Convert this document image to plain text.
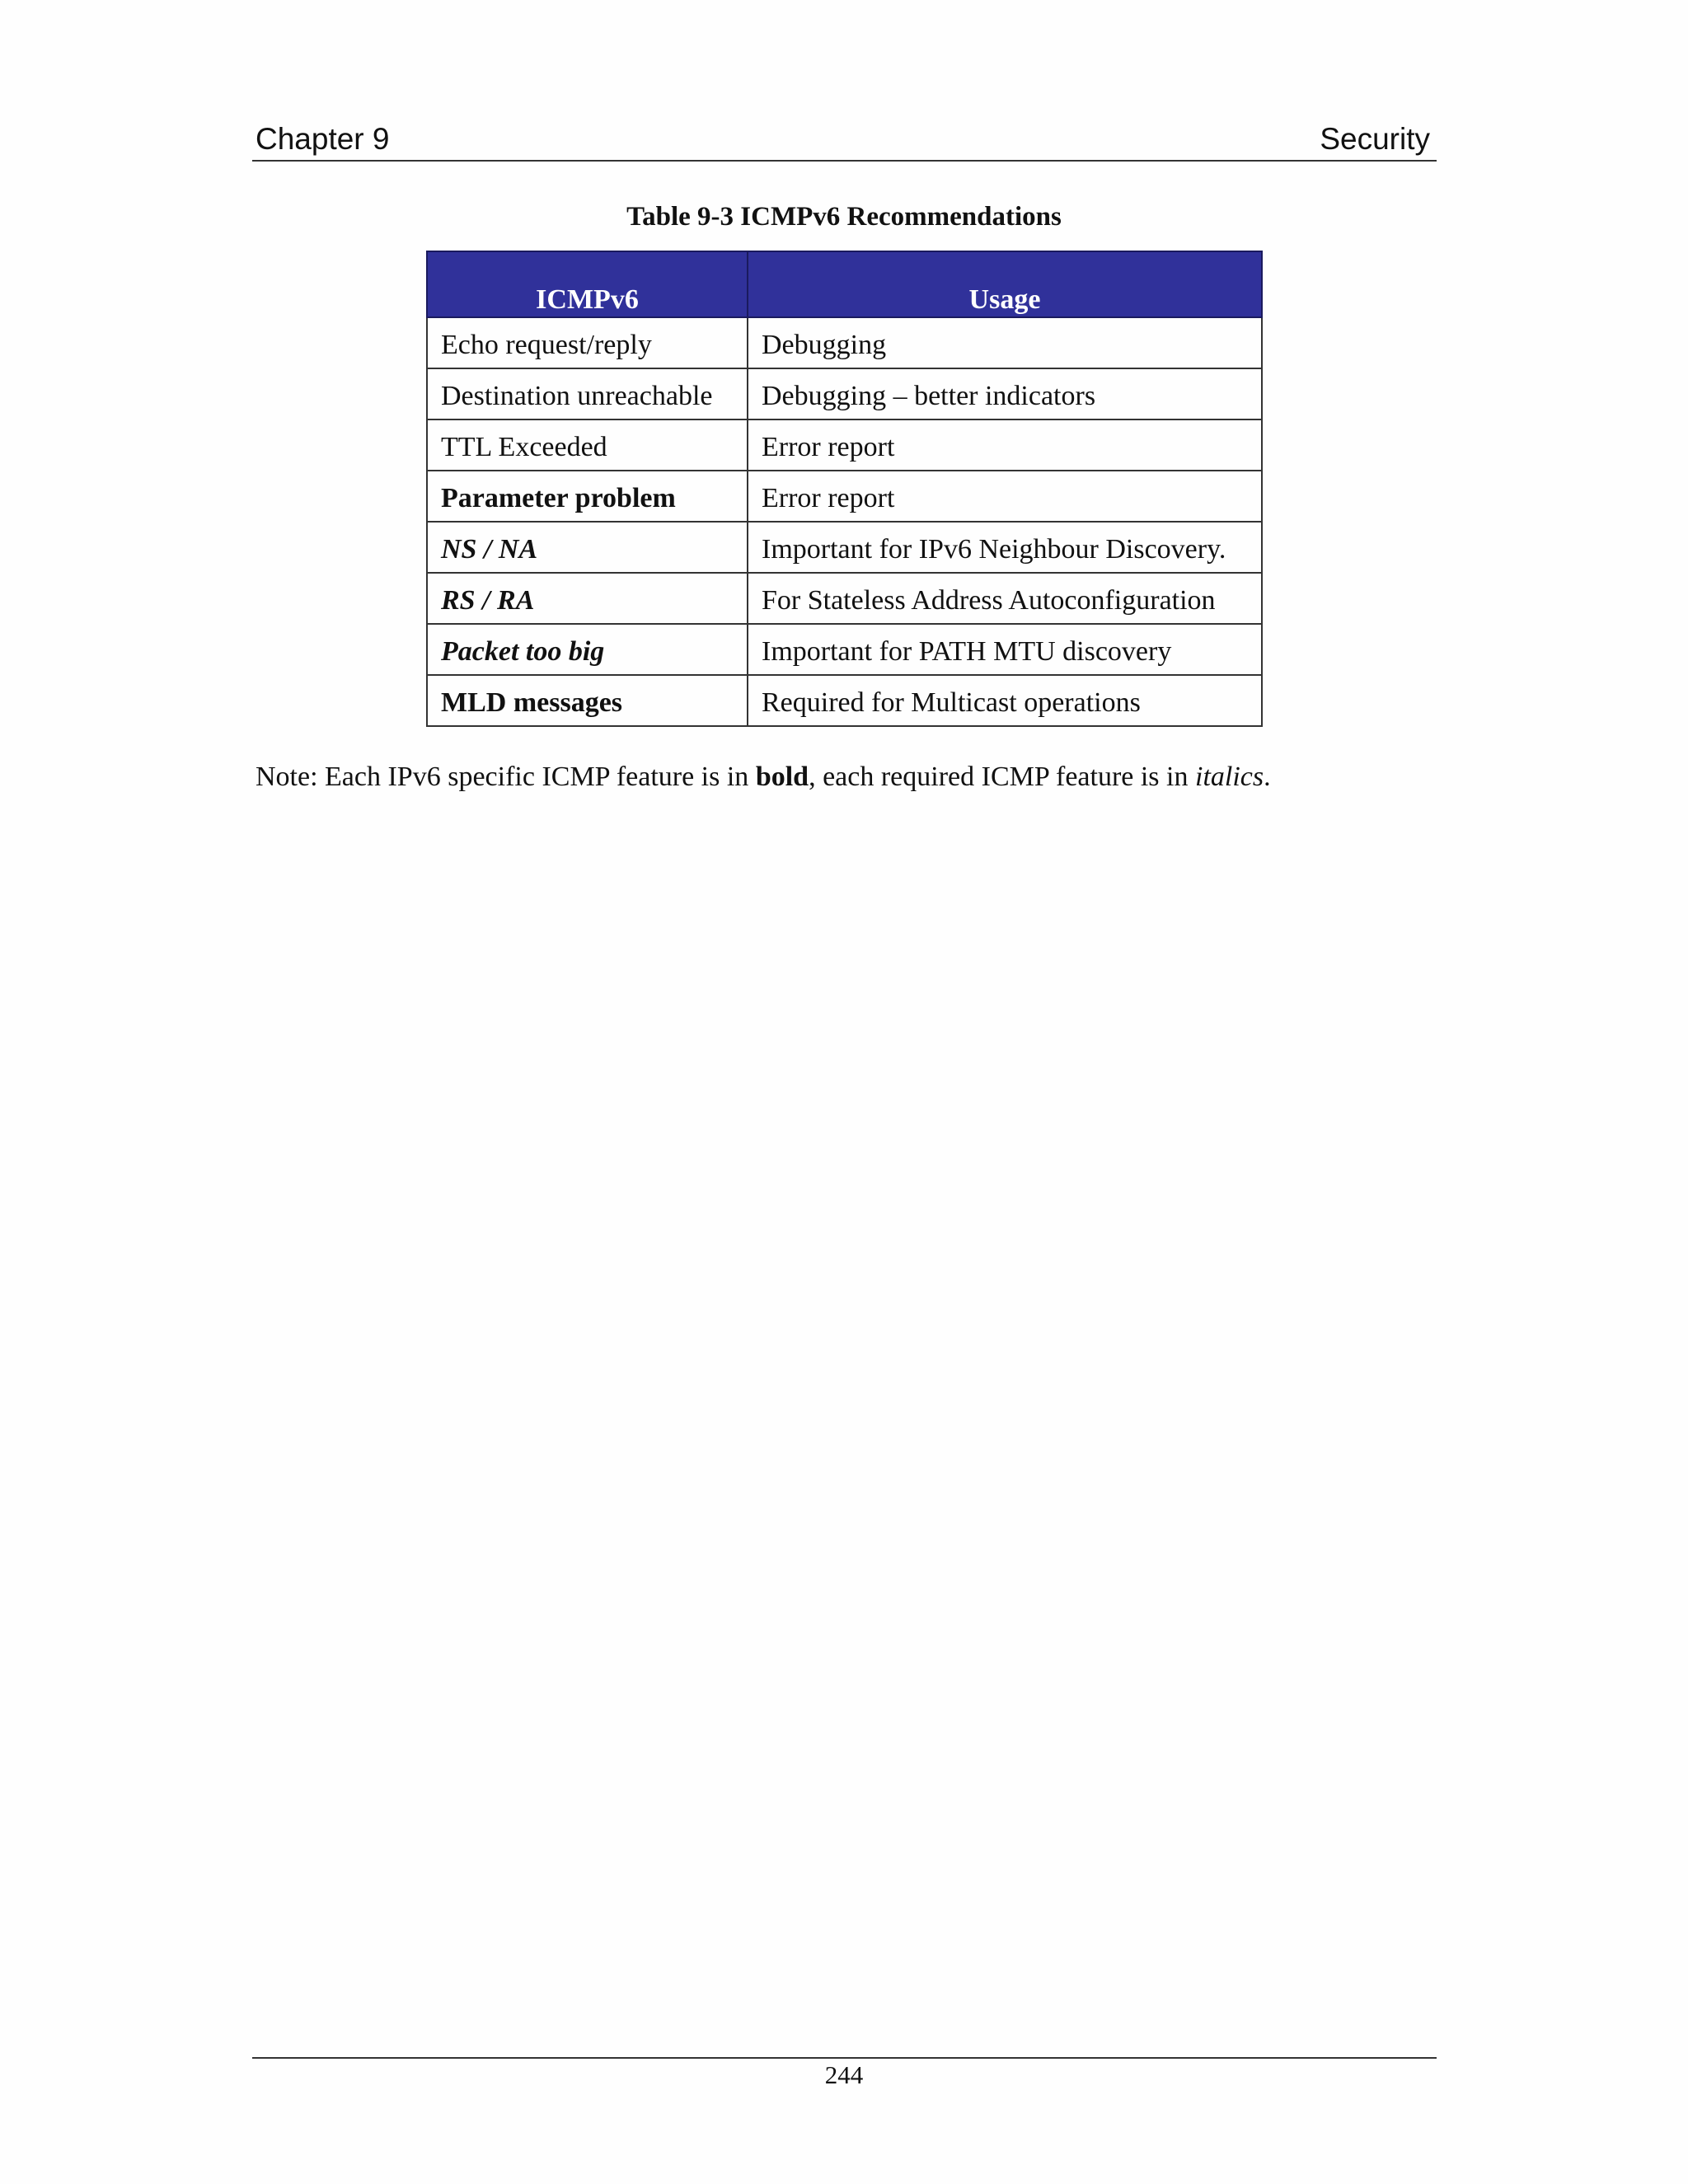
Chapter 9	Security
Table 9-3 ICMPv6 Recommendations
ICMPv6	Usage
Echo request/reply	Debugging
Destination unreachable	Debugging – better indicators
TTL Exceeded	Error report
Parameter problem	Error report
NS / NA	Important for IPv6 Neighbour Discovery.
RS / RA	For Stateless Address Autoconfiguration
Packet too big	Important for PATH MTU discovery
MLD messages	Required for Multicast operations
Note: Each IPv6 specific ICMP feature is in bold, each required ICMP feature is in italics.
244
